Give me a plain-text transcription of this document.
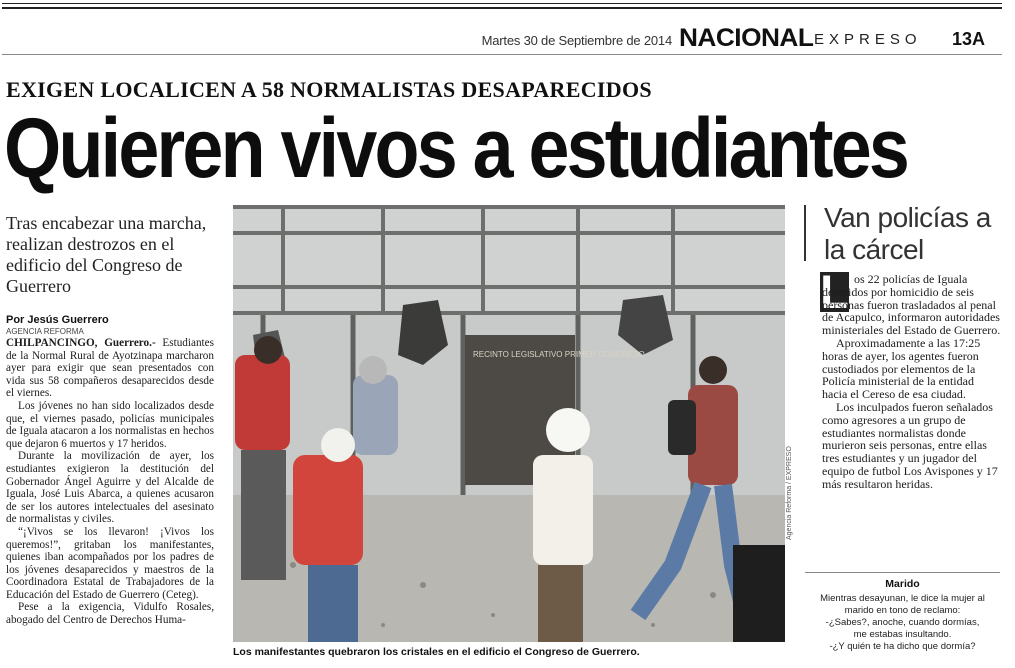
Martes 30 de Septiembre de 2014 NACIONAL EXPRESO 13A
EXIGEN LOCALICEN A 58 NORMALISTAS DESAPARECIDOS
Quieren vivos a estudiantes
Tras encabezar una marcha, realizan destrozos en el edificio del Congreso de Guerrero
Por Jesús Guerrero
AGENCIA REFORMA

CHILPANCINGO, Guerrero.- Estudiantes de la Normal Rural de Ayotzinapa marcharon ayer para exigir que sean presentados con vida sus 58 compañeros desaparecidos desde el viernes.

Los jóvenes no han sido localizados desde que, el viernes pasado, policías municipales de Iguala atacaron a los normalistas en hechos que dejaron 6 muertos y 17 heridos.

Durante la movilización de ayer, los estudiantes exigieron la destitución del Gobernador Ángel Aguirre y del Alcalde de Iguala, José Luis Abarca, a quienes acusaron de ser los autores intelectuales del asesinato de normalistas y civiles.

“¡Vivos se los llevaron! ¡Vivos los queremos!”, gritaban los manifestantes, quienes iban acompañados por los padres de los jóvenes desaparecidos y maestros de la Coordinadora Estatal de Trabajadores de la Educación del Estado de Guerrero (Ceteg).

Pese a la exigencia, Vidulfo Rosales, abogado del Centro de Derechos Huma-

RECINTO LEGISLATIVO PRIMER CONGRESO
Agencia Reforma / EXPRESO
Los manifestantes quebraron los cristales en el edificio el Congreso de Guerrero.
Van policías a la cárcel
L os 22 policías de Iguala detenidos por homicidio de seis personas fueron trasladados al penal de Acapulco, informaron autoridades ministeriales del Estado de Guerrero.

Aproximadamente a las 17:25 horas de ayer, los agentes fueron custodiados por elementos de la Policía ministerial de la entidad hacia el Cereso de esa ciudad.

Los inculpados fueron señalados como agresores a un grupo de estudiantes normalistas donde murieron seis personas, entre ellas tres estudiantes y un jugador del equipo de futbol Los Avispones y 17 más resultaron heridas.

Marido
Mientras desayunan, le dice la mujer al
marido en tono de reclamo:
-¿Sabes?, anoche, cuando dormías,
me estabas insultando.
-¿Y quién te ha dicho que dormía?
